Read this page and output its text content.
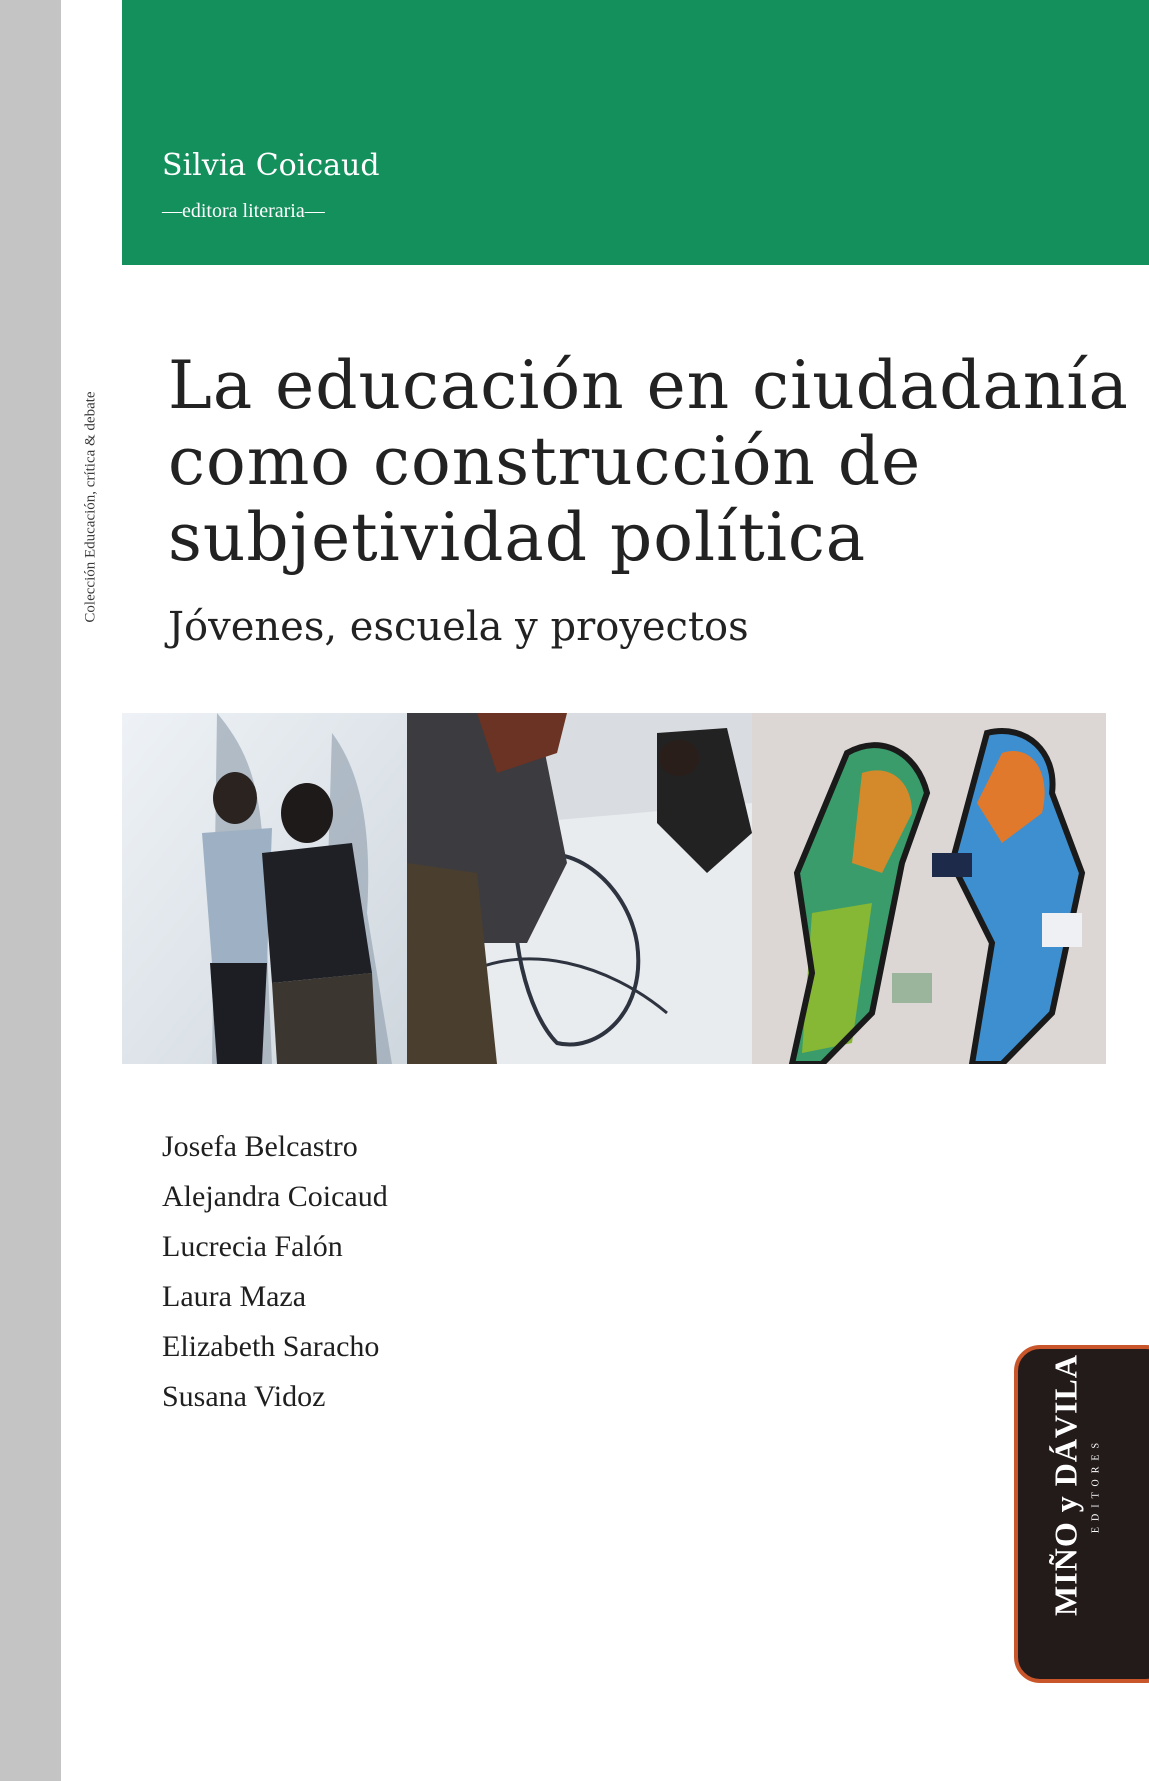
Colección Educación, crítica & debate
Silvia Coicaud
—editora literaria—
La educación en ciudadanía
como construcción de
subjetividad política
Jóvenes, escuela y proyectos
Josefa Belcastro
Alejandra Coicaud
Lucrecia Falón
Laura Maza
Elizabeth Saracho
Susana Vidoz	MIÑO y DÁVILA EDITORES
